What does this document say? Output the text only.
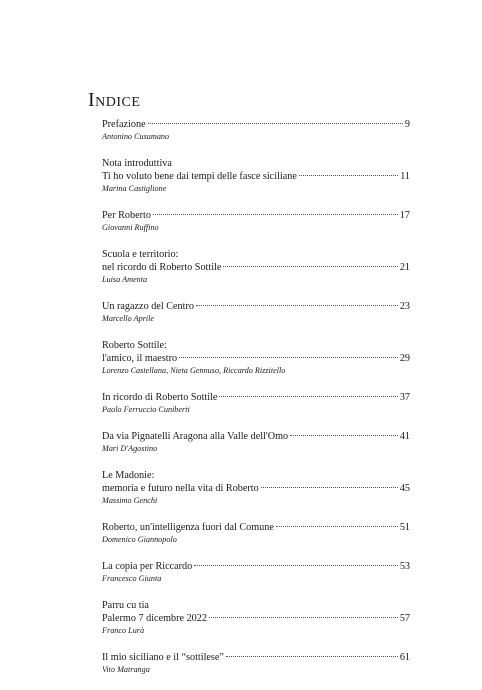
Indice
Prefazione	9
Antonino Cusumano
Nota introduttiva
Ti ho voluto bene dai tempi delle fasce siciliane	11
Marina Castiglione
Per Roberto	17
Giovanni Ruffino
Scuola e territorio:
nel ricordo di Roberto Sottile	21
Luisa Amenta
Un ragazzo del Centro	23
Marcello Aprile
Roberto Sottile:
l'amico, il maestro	29
Lorenzo Castellana, Nieta Gennuso, Riccardo Rizzitello
In ricordo di Roberto Sottile	37
Paolo Ferruccio Cuniberti
Da via Pignatelli Aragona alla Valle dell'Omo	41
Mari D'Agostino
Le Madonie:
memoria e futuro nella vita di Roberto	45
Massimo Genchi
Roberto, un'intelligenza fuori dal Comune	51
Domenico Giannopolo
La copia per Riccardo	53
Francesco Giunta
Parru cu tia
Palermo 7 dicembre 2022	57
Franco Lurà
Il mio siciliano e il “sottilese”	61
Vito Matranga
